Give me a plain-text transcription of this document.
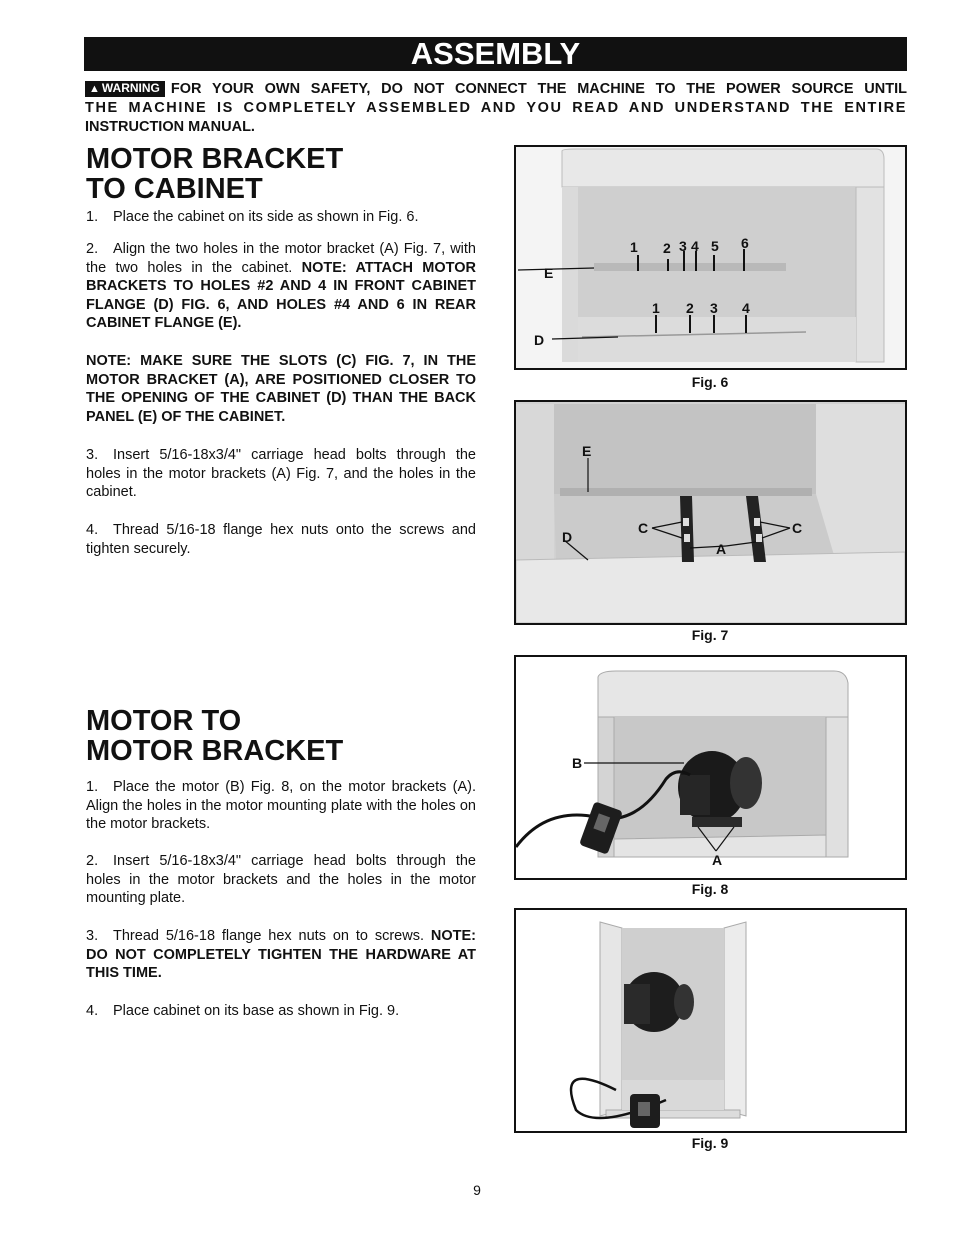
ASSEMBLY
▲ WARNING FOR YOUR OWN SAFETY, DO NOT CONNECT THE MACHINE TO THE POWER SOURCE UNTIL
THE MACHINE IS COMPLETELY ASSEMBLED AND YOU READ AND UNDERSTAND THE ENTIRE
INSTRUCTION MANUAL.
MOTOR BRACKET
TO CABINET
1. Place the cabinet on its side as shown in Fig. 6.
2. Align the two holes in the motor bracket (A) Fig. 7, with the two holes in the cabinet. NOTE: ATTACH MOTOR BRACKETS TO HOLES #2 AND 4 IN FRONT CABINET FLANGE (D) FIG. 6, AND HOLES #4 AND 6 IN REAR CABINET FLANGE (E).
NOTE: MAKE SURE THE SLOTS (C) FIG. 7, IN THE MOTOR BRACKET (A), ARE POSITIONED CLOSER TO THE OPENING OF THE CABINET (D) THAN THE BACK PANEL (E) OF THE CABINET.
3. Insert 5/16-18x3/4" carriage head bolts through the holes in the motor brackets (A) Fig. 7, and the holes in the cabinet.
4. Thread 5/16-18 flange hex nuts onto the screws and tighten securely.
MOTOR TO
MOTOR BRACKET
1. Place the motor (B) Fig. 8, on the motor brackets (A). Align the holes in the motor mounting plate with the holes on the motor brackets.
2. Insert 5/16-18x3/4" carriage head bolts through the holes in the motor brackets and the holes in the motor mounting plate.
3. Thread 5/16-18 flange hex nuts on to screws. NOTE: DO NOT COMPLETELY TIGHTEN THE HARDWARE AT THIS TIME.
4. Place cabinet on its base as shown in Fig. 9.
E
D
1 2 3 4 5 6
1 2 3 4
Fig. 6
E
D
C	C
A
Fig. 7
B
A
Fig. 8
Fig. 9
9
